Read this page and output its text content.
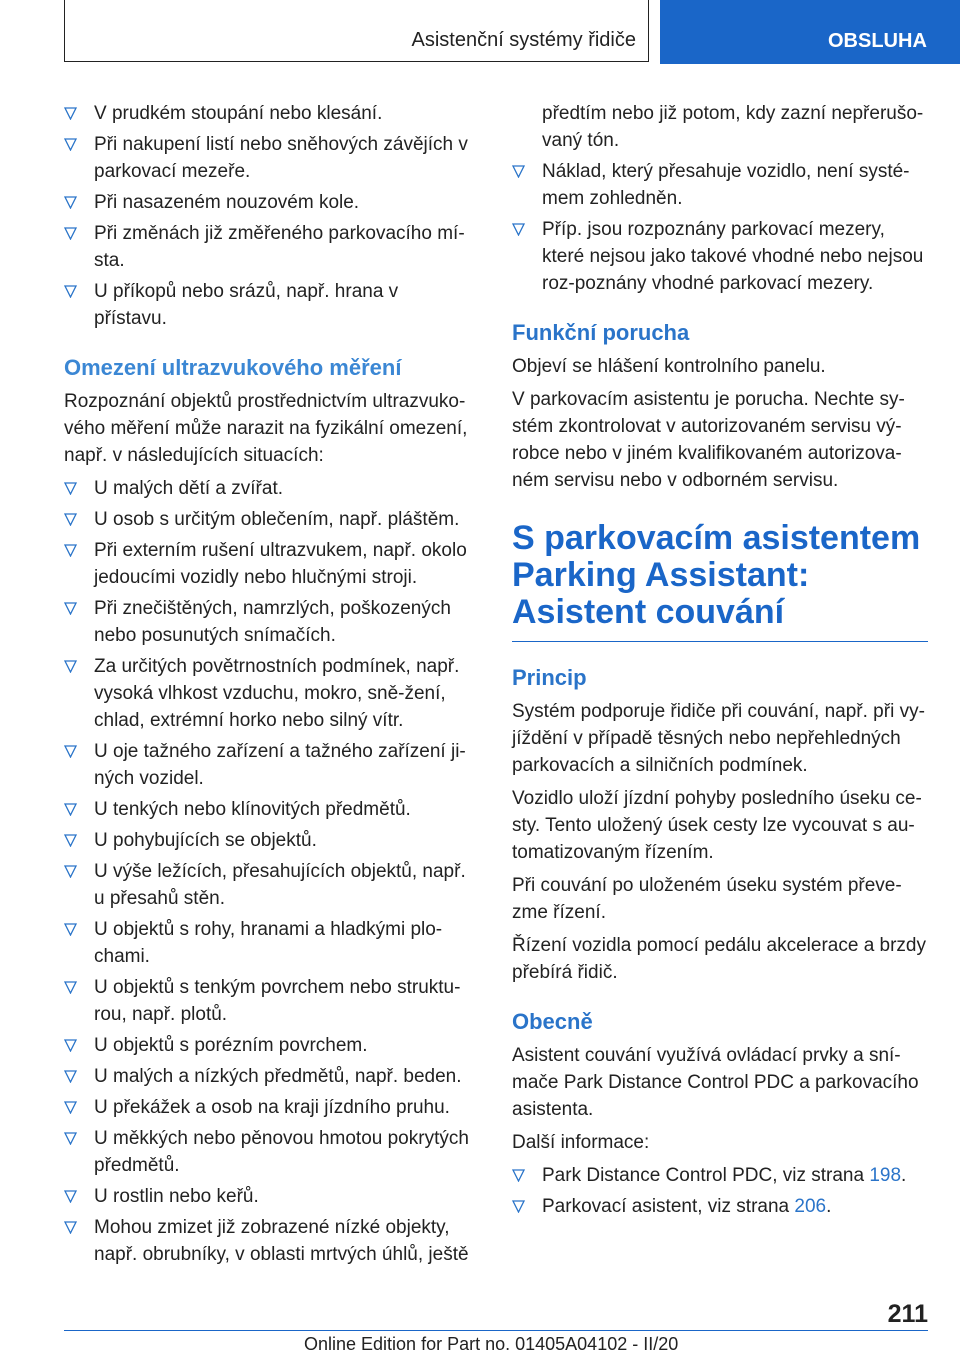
Asistenční systémy řidiče	OBSLUHA
V prudkém stoupání nebo klesání.
Při nakupení listí nebo sněhových závějích v parkovací mezeře.
Při nasazeném nouzovém kole.
Při změnách již změřeného parkovacího mí-sta.
U příkopů nebo srázů, např. hrana v přístavu.
Omezení ultrazvukového měření

Rozpoznání objektů prostřednictvím ultrazvuko-vého měření může narazit na fyzikální omezení, např. v následujících situacích:

U malých dětí a zvířat.
U osob s určitým oblečením, např. pláštěm.
Při externím rušení ultrazvukem, např. okolo jedoucími vozidly nebo hlučnými stroji.
Při znečištěných, namrzlých, poškozených nebo posunutých snímačích.
Za určitých povětrnostních podmínek, např. vysoká vlhkost vzduchu, mokro, sně-žení, chlad, extrémní horko nebo silný vítr.
U oje tažného zařízení a tažného zařízení ji-ných vozidel.
U tenkých nebo klínovitých předmětů.
U pohybujících se objektů.
U výše ležících, přesahujících objektů, např. u přesahů stěn.
U objektů s rohy, hranami a hladkými plo-chami.
U objektů s tenkým povrchem nebo struktu-rou, např. plotů.
U objektů s porézním povrchem.
U malých a nízkých předmětů, např. beden.
U překážek a osob na kraji jízdního pruhu.
U měkkých nebo pěnovou hmotou pokrytých předmětů.
U rostlin nebo keřů.
Mohou zmizet již zobrazené nízké objekty, např. obrubníky, v oblasti mrtvých úhlů, ještě
předtím nebo již potom, kdy zazní nepřerušo-vaný tón.
Náklad, který přesahuje vozidlo, není systé-mem zohledněn.
Příp. jsou rozpoznány parkovací mezery, které nejsou jako takové vhodné nebo nejsou roz-poznány vhodné parkovací mezery.
Funkční porucha

Objeví se hlášení kontrolního panelu.

V parkovacím asistentu je porucha. Nechte sy-stém zkontrolovat v autorizovaném servisu vý-robce nebo v jiném kvalifikovaném autorizova-ném servisu nebo v odborném servisu.

S parkovacím asistentem Parking Assistant: Asistent couvání
Princip

Systém podporuje řidiče při couvání, např. při vy-jíždění v případě těsných nebo nepřehledných parkovacích a silničních podmínek.

Vozidlo uloží jízdní pohyby posledního úseku ce-sty. Tento uložený úsek cesty lze vycouvat s au-tomatizovaným řízením.

Při couvání po uloženém úseku systém převe-zme řízení.

Řízení vozidla pomocí pedálu akcelerace a brzdy přebírá řidič.

Obecně

Asistent couvání využívá ovládací prvky a sní-mače Park Distance Control PDC a parkovacího asistenta.

Další informace:

Park Distance Control PDC, viz strana 198.
Parkovací asistent, viz strana 206.
211
Online Edition for Part no. 01405A04102 - II/20
